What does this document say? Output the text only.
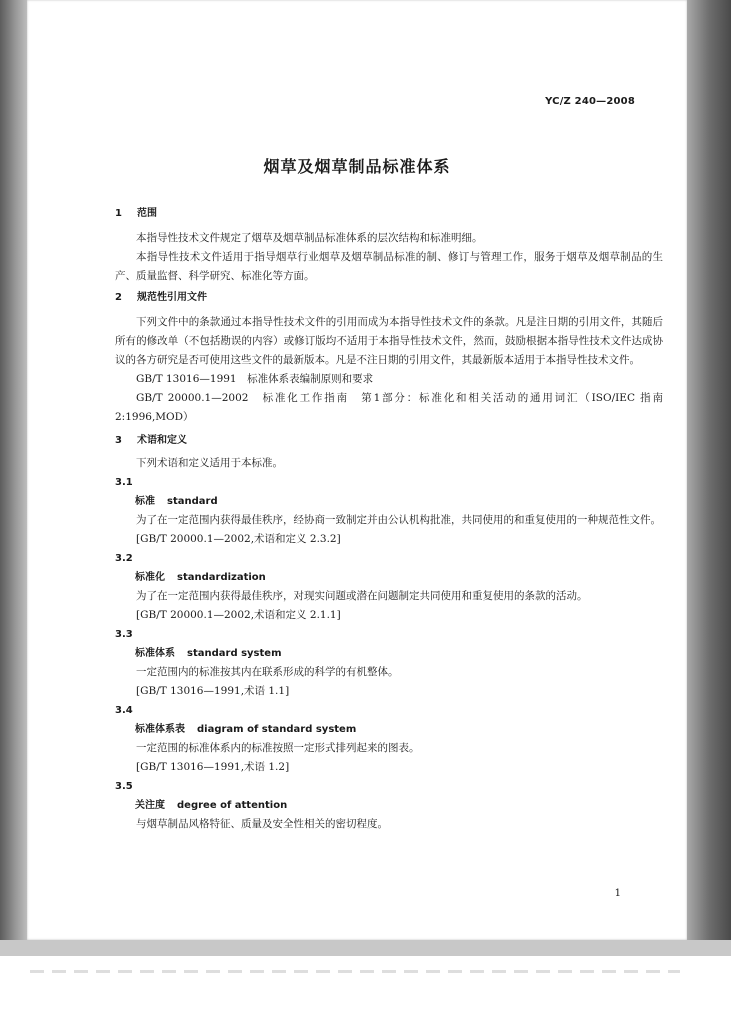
YC/Z 240—2008
烟草及烟草制品标准体系
1 范围
本指导性技术文件规定了烟草及烟草制品标准体系的层次结构和标准明细。
本指导性技术文件适用于指导烟草行业烟草及烟草制品标准的制、修订与管理工作，服务于烟草及烟草制品的生产、质量监督、科学研究、标准化等方面。
2 规范性引用文件
下列文件中的条款通过本指导性技术文件的引用而成为本指导性技术文件的条款。凡是注日期的引用文件，其随后所有的修改单（不包括勘误的内容）或修订版均不适用于本指导性技术文件，然而，鼓励根据本指导性技术文件达成协议的各方研究是否可使用这些文件的最新版本。凡是不注日期的引用文件，其最新版本适用于本指导性技术文件。
GB/T 13016—1991　标准体系表编制原则和要求
GB/T 20000.1—2002　标准化工作指南　第1部分：标准化和相关活动的通用词汇（ISO/IEC 指南 2:1996,MOD）
3 术语和定义
下列术语和定义适用于本标准。
3.1
标准 standard
为了在一定范围内获得最佳秩序，经协商一致制定并由公认机构批准，共同使用的和重复使用的一种规范性文件。
[GB/T 20000.1—2002,术语和定义 2.3.2]
3.2
标准化 standardization
为了在一定范围内获得最佳秩序，对现实问题或潜在问题制定共同使用和重复使用的条款的活动。
[GB/T 20000.1—2002,术语和定义 2.1.1]
3.3
标准体系 standard system
一定范围内的标准按其内在联系形成的科学的有机整体。
[GB/T 13016—1991,术语 1.1]
3.4
标准体系表 diagram of standard system
一定范围的标准体系内的标准按照一定形式排列起来的图表。
[GB/T 13016—1991,术语 1.2]
3.5
关注度 degree of attention
与烟草制品风格特征、质量及安全性相关的密切程度。
1
